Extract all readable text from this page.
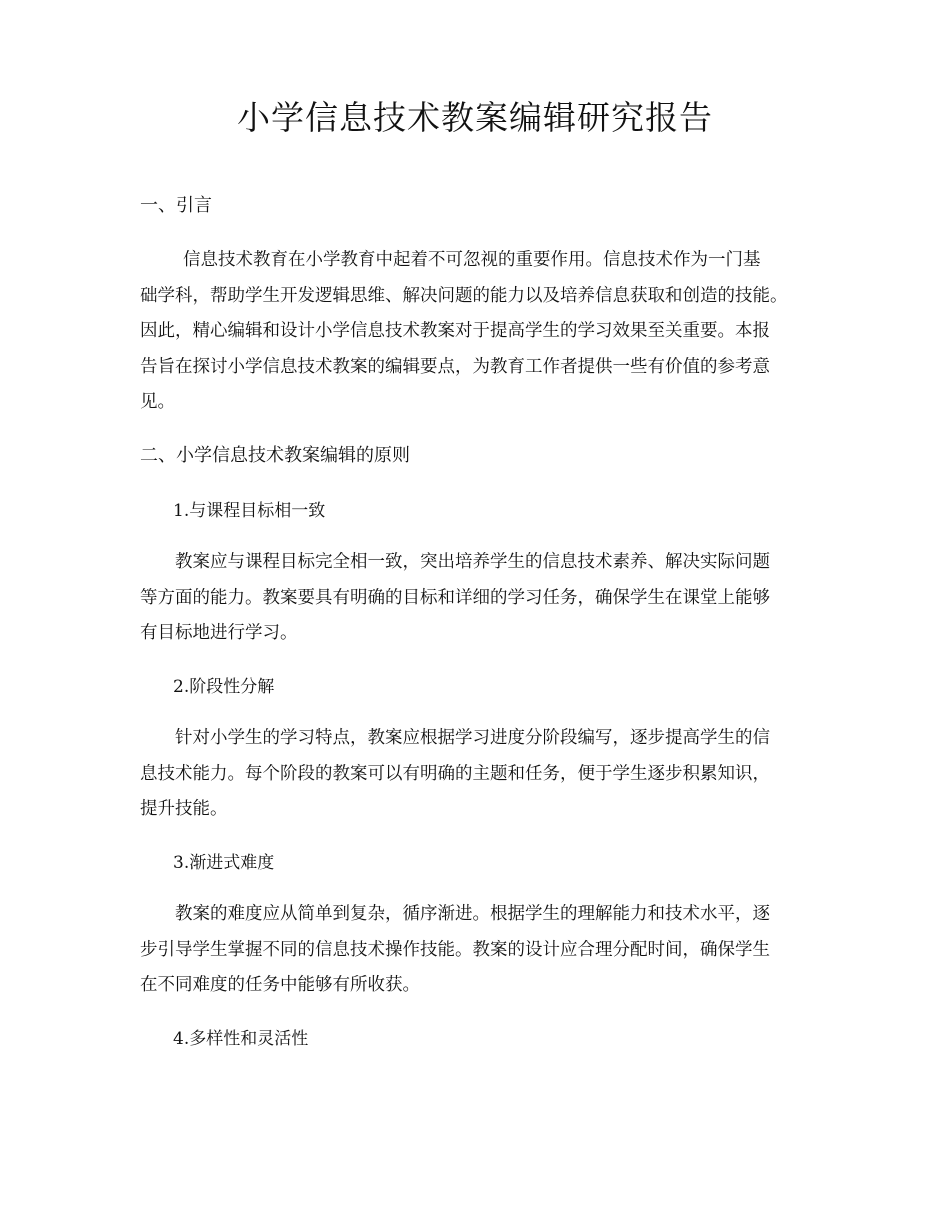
小学信息技术教案编辑研究报告
一、引言

信息技术教育在小学教育中起着不可忽视的重要作用。信息技术作为一门基
础学科，帮助学生开发逻辑思维、解决问题的能力以及培养信息获取和创造的技能。
因此，精心编辑和设计小学信息技术教案对于提高学生的学习效果至关重要。本报
告旨在探讨小学信息技术教案的编辑要点，为教育工作者提供一些有价值的参考意
见。

二、小学信息技术教案编辑的原则
1.与课程目标相一致

教案应与课程目标完全相一致，突出培养学生的信息技术素养、解决实际问题
等方面的能力。教案要具有明确的目标和详细的学习任务，确保学生在课堂上能够
有目标地进行学习。

2.阶段性分解

针对小学生的学习特点，教案应根据学习进度分阶段编写，逐步提高学生的信
息技术能力。每个阶段的教案可以有明确的主题和任务，便于学生逐步积累知识，
提升技能。

3.渐进式难度

教案的难度应从简单到复杂，循序渐进。根据学生的理解能力和技术水平，逐
步引导学生掌握不同的信息技术操作技能。教案的设计应合理分配时间，确保学生
在不同难度的任务中能够有所收获。

4.多样性和灵活性
